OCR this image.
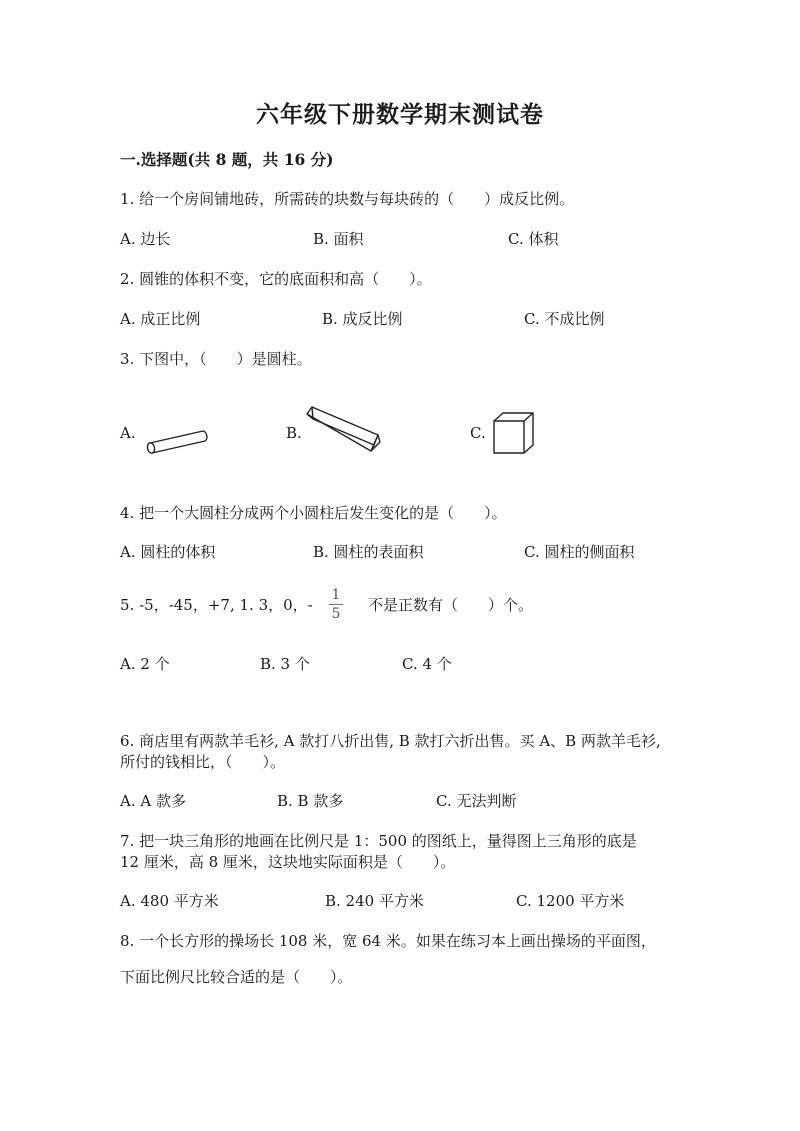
六年级下册数学期末测试卷
一.选择题(共 8 题，共 16 分)
1. 给一个房间铺地砖，所需砖的块数与每块砖的（　　）成反比例。
A. 边长	B. 面积	C. 体积
2. 圆锥的体积不变，它的底面积和高（　　）。
A. 成正比例	B. 成反比例	C. 不成比例
3. 下图中，（　　）是圆柱。
A.	B.	C.
4. 把一个大圆柱分成两个小圆柱后发生变化的是（　　）。
A. 圆柱的体积	B. 圆柱的表面积	C. 圆柱的侧面积
5. -5，-45，+7, 1. 3，0，-
1
5	不是正数有（　　）个。
A. 2 个	B. 3 个	C. 4 个
6. 商店里有两款羊毛衫, A 款打八折出售, B 款打六折出售。买 A、B 两款羊毛衫,
所付的钱相比，（　　）。
A. A 款多	B. B 款多	C. 无法判断
7. 把一块三角形的地画在比例尺是 1：500 的图纸上，量得图上三角形的底是
12 厘米，高 8 厘米，这块地实际面积是（　　）。
A. 480 平方米	B. 240 平方米	C. 1200 平方米
8. 一个长方形的操场长 108 米，宽 64 米。如果在练习本上画出操场的平面图，
下面比例尺比较合适的是（　　）。
